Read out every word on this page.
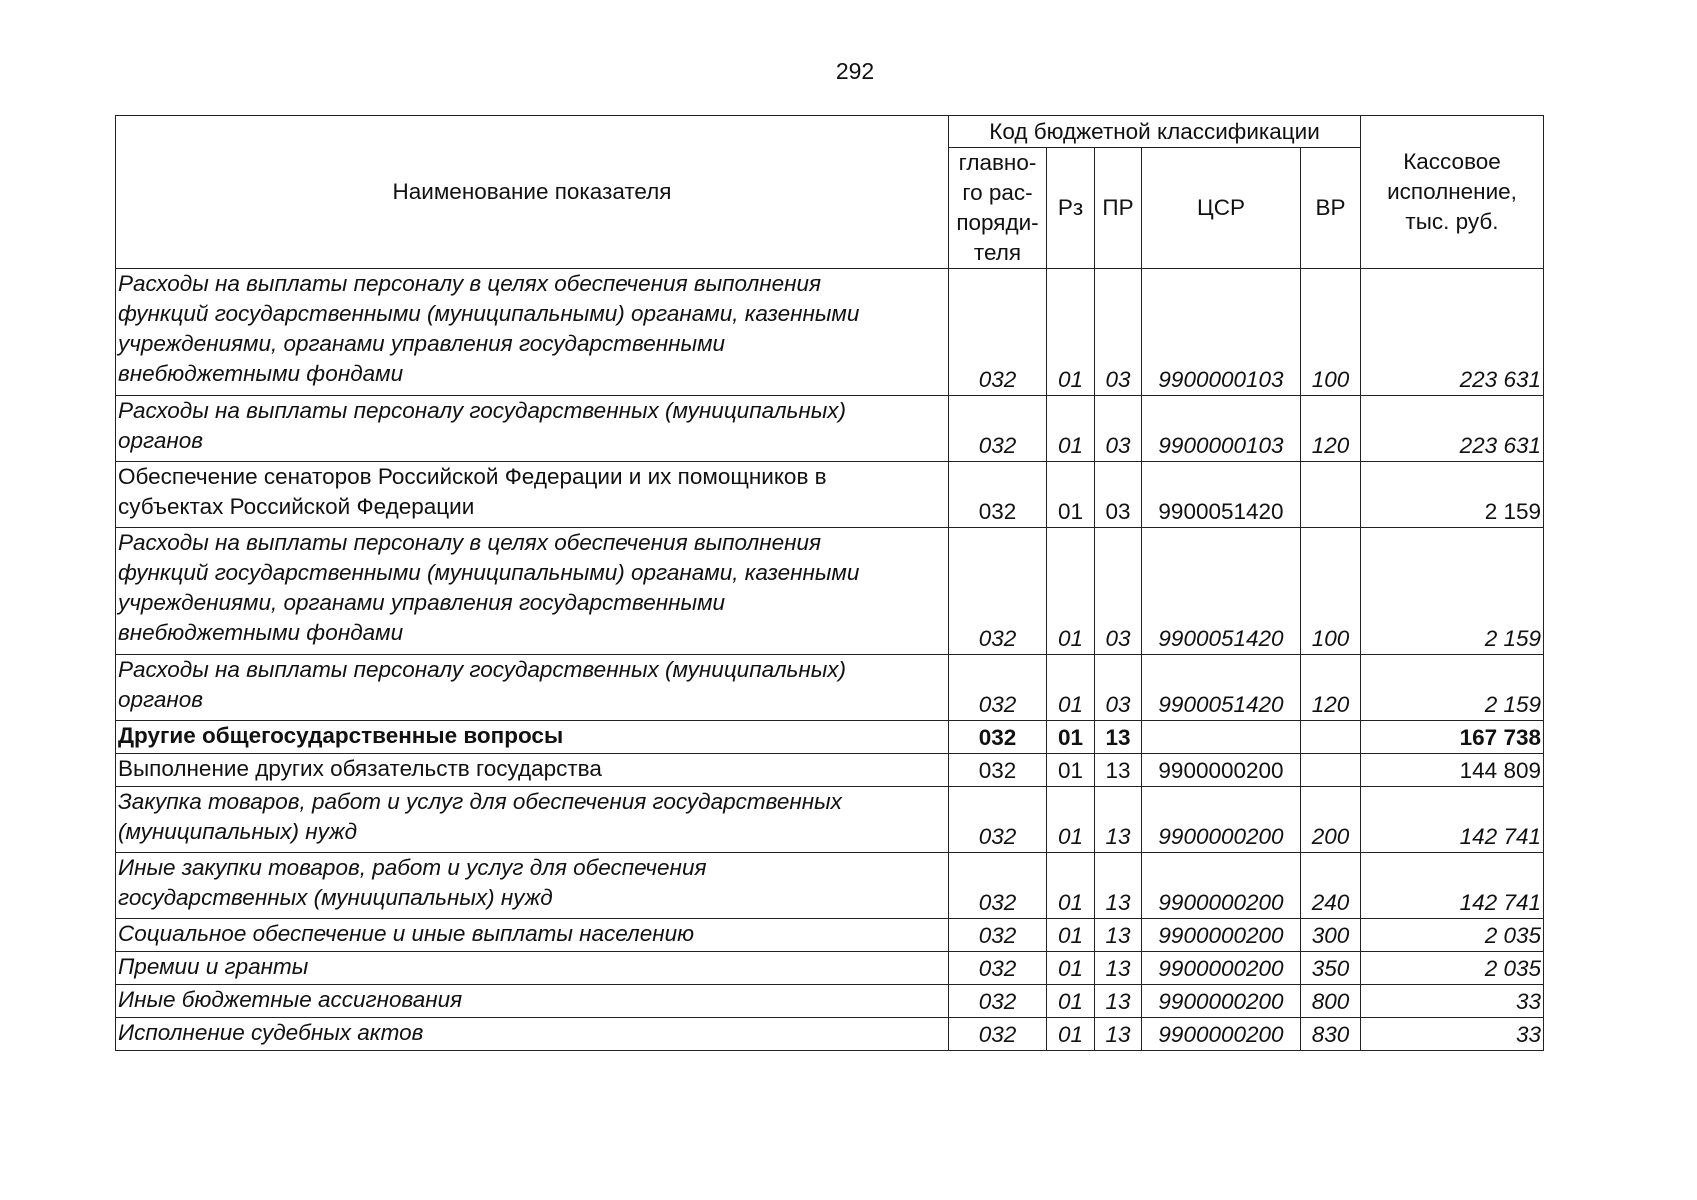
292
Наименование показателя	Код бюджетной классификации					Кассовое
исполнение,
тыс. руб.
	главно-
го рас-
поряди-
теля	Рз	ПР	ЦСР	ВР	
Расходы на выплаты персоналу в целях обеспечения выполнения
функций государственными (муниципальными) органами, казенными
учреждениями, органами управления государственными
внебюджетными фондами	032	01	03	9900000103	100	223 631
Расходы на выплаты персоналу государственных (муниципальных)
органов	032	01	03	9900000103	120	223 631
Обеспечение сенаторов Российской Федерации и их помощников в
субъектах Российской Федерации	032	01	03	9900051420		2 159
Расходы на выплаты персоналу в целях обеспечения выполнения
функций государственными (муниципальными) органами, казенными
учреждениями, органами управления государственными
внебюджетными фондами	032	01	03	9900051420	100	2 159
Расходы на выплаты персоналу государственных (муниципальных)
органов	032	01	03	9900051420	120	2 159
Другие общегосударственные вопросы	032	01	13			167 738
Выполнение других обязательств государства	032	01	13	9900000200		144 809
Закупка товаров, работ и услуг для обеспечения государственных
(муниципальных) нужд	032	01	13	9900000200	200	142 741
Иные закупки товаров, работ и услуг для обеспечения
государственных (муниципальных) нужд	032	01	13	9900000200	240	142 741
Социальное обеспечение и иные выплаты населению	032	01	13	9900000200	300	2 035
Премии и гранты	032	01	13	9900000200	350	2 035
Иные бюджетные ассигнования	032	01	13	9900000200	800	33
Исполнение судебных актов	032	01	13	9900000200	830	33
